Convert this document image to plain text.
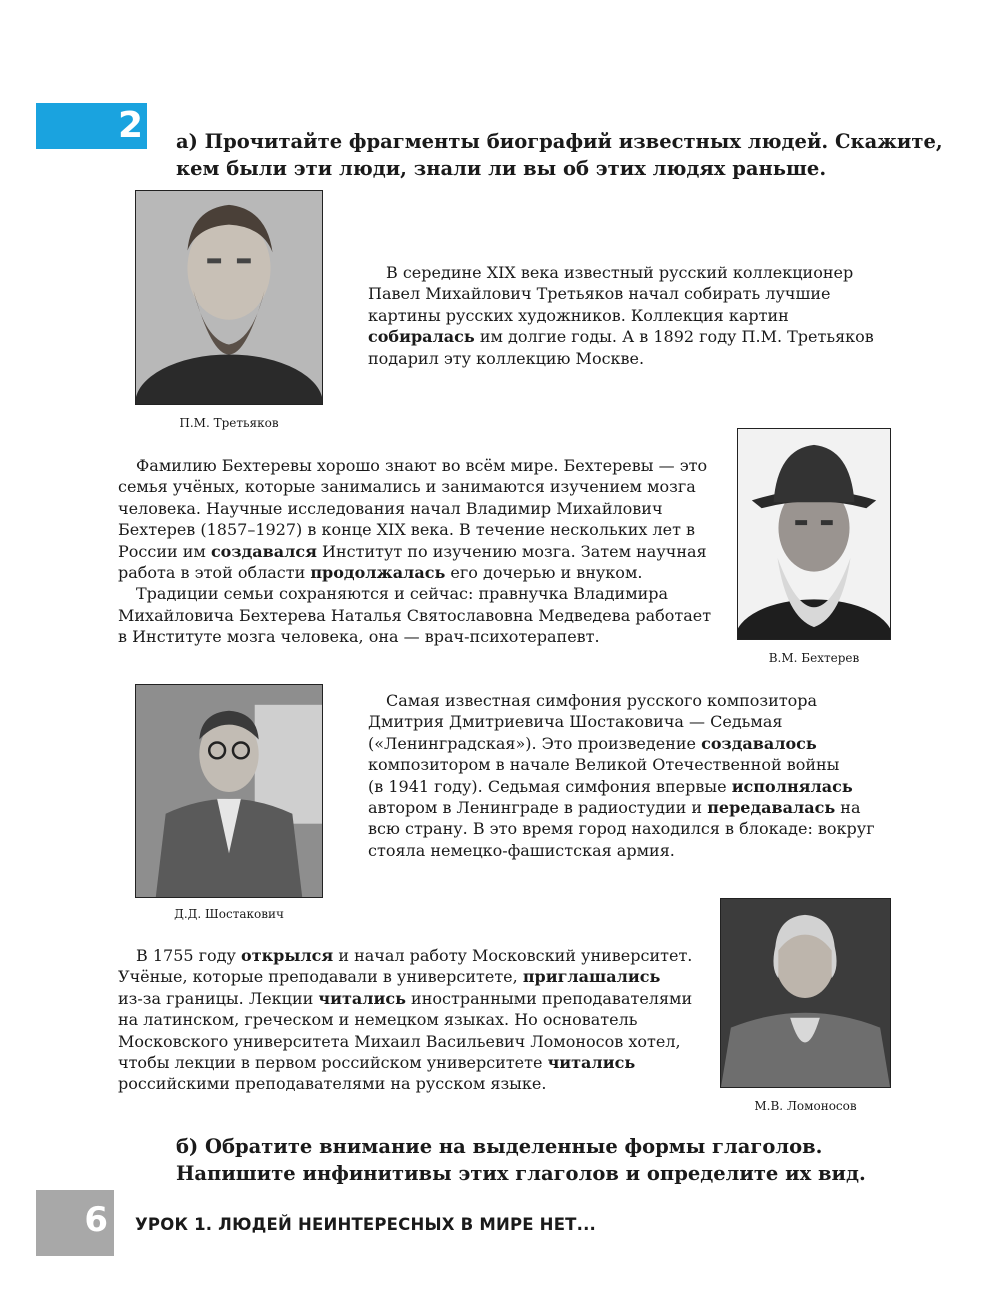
2 а) Прочитайте фрагменты биографий известных людей. Скажите,
кем были эти люди, знали ли вы об этих людях раньше.
П.М. Третьяков

В середине XIX века известный русский коллекционер

Павел Михайлович Третьяков начал собирать лучшие
картины русских художников. Коллекция картин
собиралась им долгие годы. А в 1892 году П.М. Третьяков
подарил эту коллекцию Москве.

Фамилию Бехтеревы хорошо знают во всём мире. Бехтеревы — это

семья учёных, которые занимались и занимаются изучением мозга
человека. Научные исследования начал Владимир Михайлович
Бехтерев (1857–1927) в конце XIX века. В течение нескольких лет в
России им создавался Институт по изучению мозга. Затем научная
работа в этой области продолжалась его дочерью и внуком.

Традиции семьи сохраняются и сейчас: правнучка Владимира

Михайловича Бехтерева Наталья Святославовна Медведева работает
в Институте мозга человека, она — врач-психотерапевт.
В.М. Бехтерев
Д.Д. Шостакович

Самая известная симфония русского композитора

Дмитрия Дмитриевича Шостаковича — Седьмая
(«Ленинградская»). Это произведение создавалось
композитором в начале Великой Отечественной войны
(в 1941 году). Седьмая симфония впервые исполнялась
автором в Ленинграде в радиостудии и передавалась на
всю страну. В это время город находился в блокаде: вокруг
стояла немецко-фашистская армия.

В 1755 году открылся и начал работу Московский университет.

Учёные, которые преподавали в университете, приглашались
из-за границы. Лекции читались иностранными преподавателями
на латинском, греческом и немецком языках. Но основатель
Московского университета Михаил Васильевич Ломоносов хотел,
чтобы лекции в первом российском университете читались
российскими преподавателями на русском языке.
М.В. Ломоносов
б) Обратите внимание на выделенные формы глаголов.
Напишите инфинитивы этих глаголов и определите их вид.
6 УРОК 1. ЛЮДЕЙ НЕИНТЕРЕСНЫХ В МИРЕ НЕТ...
